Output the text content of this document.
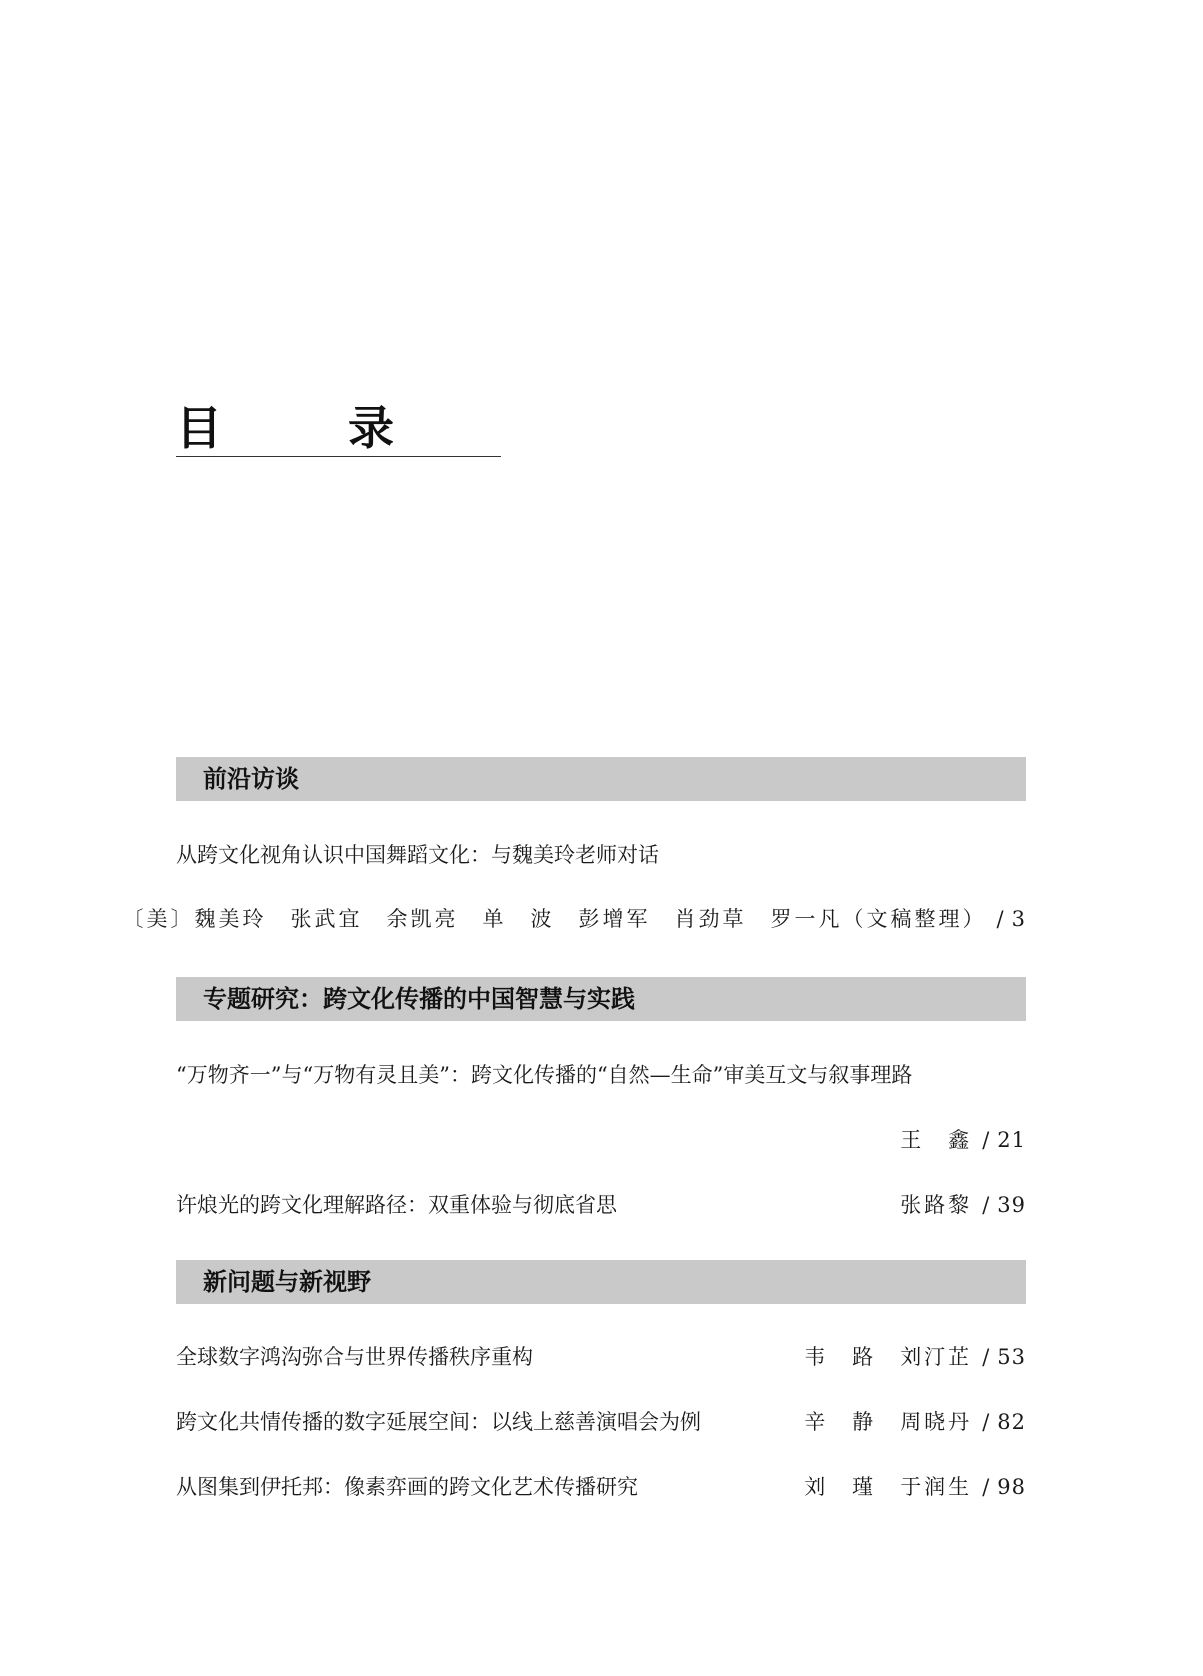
目　录
前沿访谈
从跨文化视角认识中国舞蹈文化：与魏美玲老师对话
〔美〕魏美玲 张武宜 余凯亮 单　波 彭增军 肖劲草 罗一凡（文稿整理） / 3
专题研究：跨文化传播的中国智慧与实践
“万物齐一”与“万物有灵且美”：跨文化传播的“自然—生命”审美互文与叙事理路
王　鑫 / 21
许烺光的跨文化理解路径：双重体验与彻底省思	张路黎 / 39
新问题与新视野
全球数字鸿沟弥合与世界传播秩序重构	韦　路 刘汀芷 / 53
跨文化共情传播的数字延展空间：以线上慈善演唱会为例	辛　静 周晓丹 / 82
从图集到伊托邦：像素弈画的跨文化艺术传播研究	刘　瑾 于润生 / 98
